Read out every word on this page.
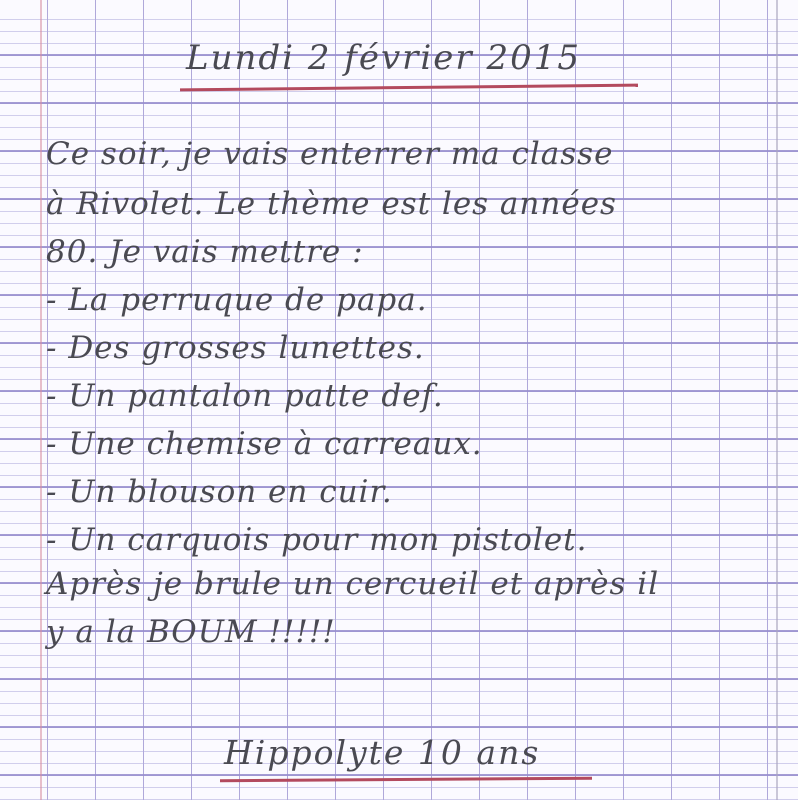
Lundi 2 février 2015
Ce soir, je vais enterrer ma classe
à Rivolet. Le thème est les années
80. Je vais mettre :
- La perruque de papa.
- Des grosses lunettes.
- Un pantalon patte def.
- Une chemise à carreaux.
- Un blouson en cuir.
- Un carquois pour mon pistolet.
Après je brule un cercueil et après il
y a la BOUM !!!!!
Hippolyte 10 ans
